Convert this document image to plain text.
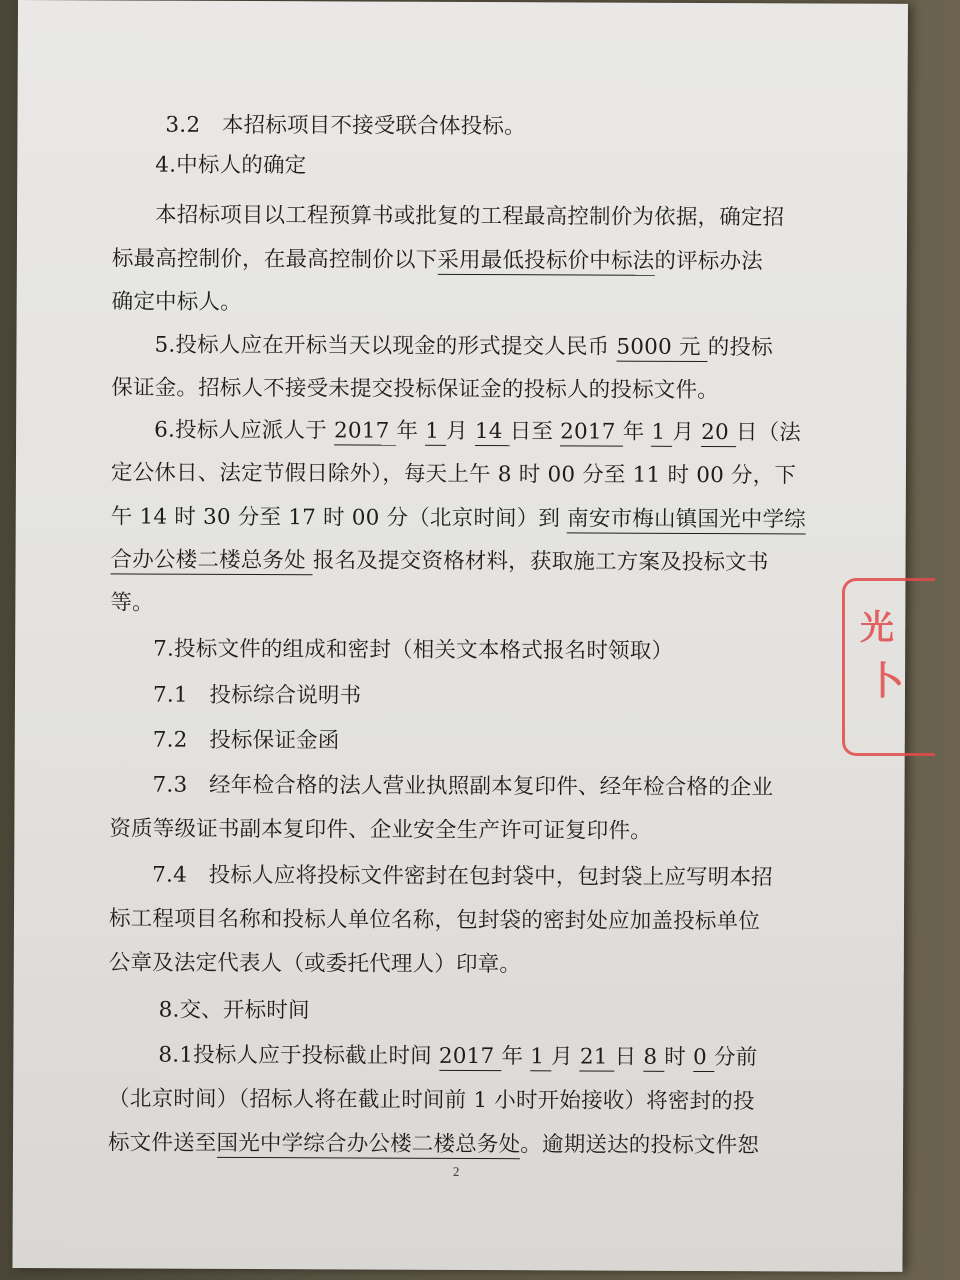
3.2　本招标项目不接受联合体投标。
4.中标人的确定
本招标项目以工程预算书或批复的工程最高控制价为依据，确定招
标最高控制价，在最高控制价以下采用最低投标价中标法的评标办法
确定中标人。
5.投标人应在开标当天以现金的形式提交人民币 5000 元 的投标
保证金。招标人不接受未提交投标保证金的投标人的投标文件。
6.投标人应派人于 2017 年 1 月 14 日至 2017 年 1 月 20 日（法
定公休日、法定节假日除外），每天上午 8 时 00 分至 11 时 00 分，下
午 14 时 30 分至 17 时 00 分（北京时间）到 南安市梅山镇国光中学综
合办公楼二楼总务处 报名及提交资格材料，获取施工方案及投标文书
等。
7.投标文件的组成和密封（相关文本格式报名时领取）
7.1　投标综合说明书
7.2　投标保证金函
7.3　经年检合格的法人营业执照副本复印件、经年检合格的企业
资质等级证书副本复印件、企业安全生产许可证复印件。
7.4　投标人应将投标文件密封在包封袋中，包封袋上应写明本招
标工程项目名称和投标人单位名称，包封袋的密封处应加盖投标单位
公章及法定代表人（或委托代理人）印章。
8.交、开标时间
8.1投标人应于投标截止时间 2017 年 1 月 21 日 8 时 0 分前
（北京时间）（招标人将在截止时间前 1 小时开始接收）将密封的投
标文件送至国光中学综合办公楼二楼总务处。逾期送达的投标文件恕
2
光
卜
